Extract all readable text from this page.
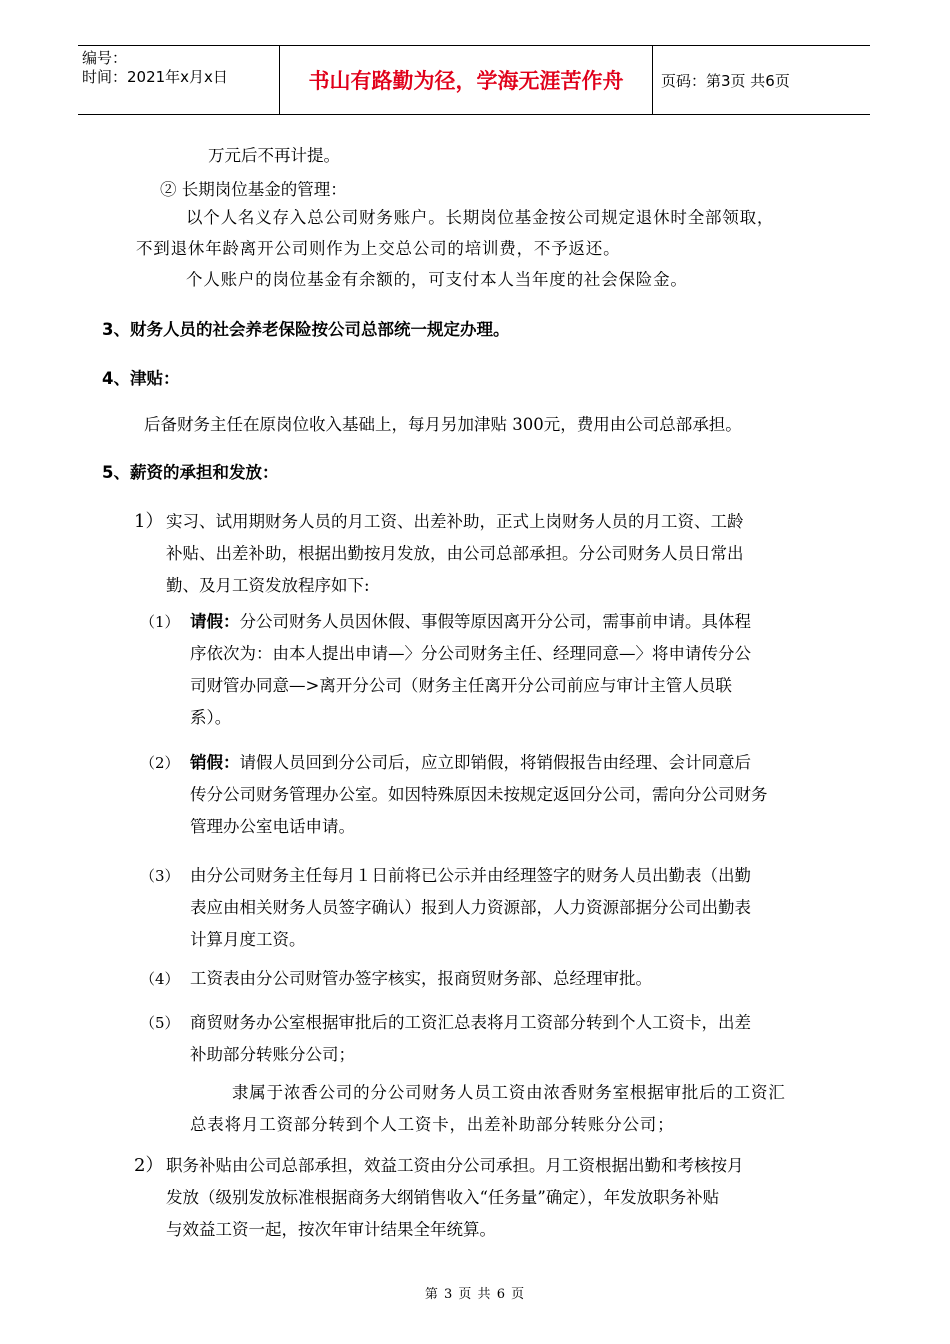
编号：
时间：2021年x月x日	书山有路勤为径，学海无涯苦作舟	页码：第3页 共6页
万元后不再计提。
② 长期岗位基金的管理：
以个人名义存入总公司财务账户。长期岗位基金按公司规定退休时全部领取，
不到退休年龄离开公司则作为上交总公司的培训费，不予返还。
个人账户的岗位基金有余额的，可支付本人当年度的社会保险金。
3、财务人员的社会养老保险按公司总部统一规定办理。
4、津贴：
后备财务主任在原岗位收入基础上，每月另加津贴 300元，费用由公司总部承担。
5、薪资的承担和发放：
1） 实习、试用期财务人员的月工资、出差补助，正式上岗财务人员的月工资、工龄
补贴、出差补助，根据出勤按月发放，由公司总部承担。分公司财务人员日常出
勤、及月工资发放程序如下:
（1） 请假：分公司财务人员因休假、事假等原因离开分公司，需事前申请。具体程
序依次为：由本人提出申请—〉分公司财务主任、经理同意—〉将申请传分公
司财管办同意—>离开分公司（财务主任离开分公司前应与审计主管人员联
系）。
（2） 销假：请假人员回到分公司后，应立即销假，将销假报告由经理、会计同意后
传分公司财务管理办公室。如因特殊原因未按规定返回分公司，需向分公司财务
管理办公室电话申请。
（3） 由分公司财务主任每月１日前将已公示并由经理签字的财务人员出勤表（出勤
表应由相关财务人员签字确认）报到人力资源部，人力资源部据分公司出勤表
计算月度工资。
（4） 工资表由分公司财管办签字核实，报商贸财务部、总经理审批。
（5） 商贸财务办公室根据审批后的工资汇总表将月工资部分转到个人工资卡，出差
补助部分转账分公司；
隶属于浓香公司的分公司财务人员工资由浓香财务室根据审批后的工资汇
总表将月工资部分转到个人工资卡，出差补助部分转账分公司；
2） 职务补贴由公司总部承担，效益工资由分公司承担。月工资根据出勤和考核按月
发放（级别发放标准根据商务大纲销售收入“任务量”确定），年发放职务补贴
与效益工资一起，按次年审计结果全年统算。
第 3 页 共 6 页
